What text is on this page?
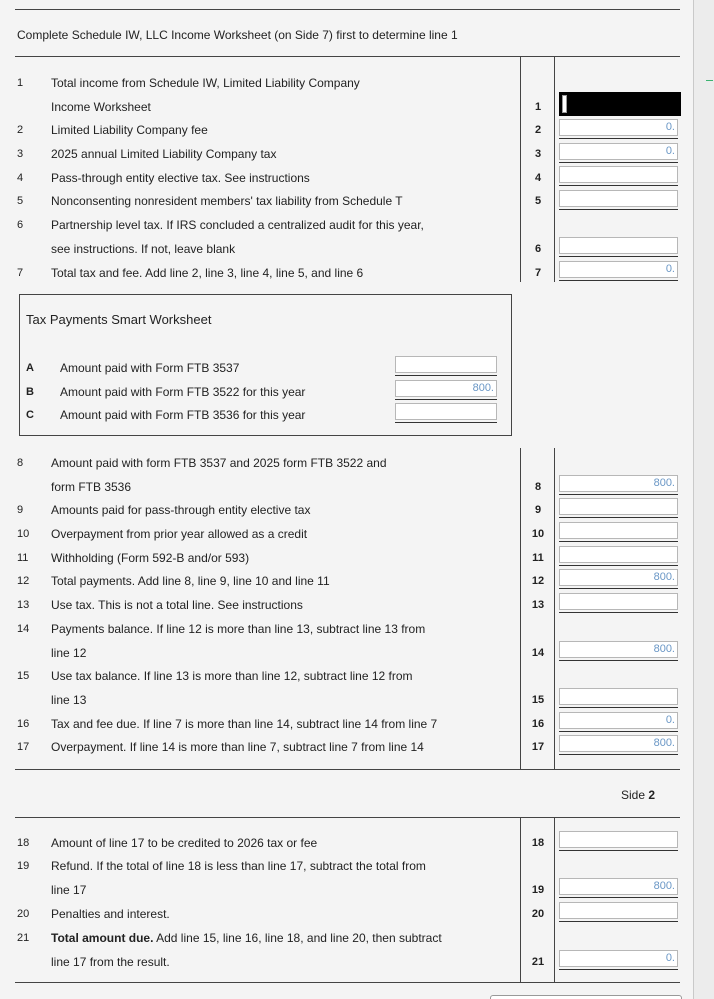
Complete Schedule IW, LLC Income Worksheet (on Side 7) first to determine line 1
1	Total income from Schedule IW, Limited Liability Company
Income Worksheet	1
2	Limited Liability Company fee	2	0.
3	2025 annual Limited Liability Company tax	3	0.
4	Pass-through entity elective tax. See instructions	4
5	Nonconsenting nonresident members' tax liability from Schedule T	5
6	Partnership level tax. If IRS concluded a centralized audit for this year,
see instructions. If not, leave blank	6
7	Total tax and fee. Add line 2, line 3, line 4, line 5, and line 6	7	0.
Tax Payments Smart Worksheet
A Amount paid with Form FTB 3537
B Amount paid with Form FTB 3522 for this year	800.
C Amount paid with Form FTB 3536 for this year
8	Amount paid with form FTB 3537 and 2025 form FTB 3522 and
form FTB 3536	8	800.
9	Amounts paid for pass-through entity elective tax	9
10	Overpayment from prior year allowed as a credit	10
11	Withholding (Form 592-B and/or 593)	11
12	Total payments. Add line 8, line 9, line 10 and line 11	12	800.
13	Use tax. This is not a total line. See instructions	13
14	Payments balance. If line 12 is more than line 13, subtract line 13 from
line 12	14	800.
15	Use tax balance. If line 13 is more than line 12, subtract line 12 from
line 13	15
16	Tax and fee due. If line 7 is more than line 14, subtract line 14 from line 7	16	0.
17	Overpayment. If line 14 is more than line 7, subtract line 7 from line 14	17	800.
Side 2
18	Amount of line 17 to be credited to 2026 tax or fee	18
19	Refund. If the total of line 18 is less than line 17, subtract the total from
line 17	19	800.
20	Penalties and interest.	20
21	Total amount due. Add line 15, line 16, line 18, and line 20, then subtract
line 17 from the result.	21	0.
